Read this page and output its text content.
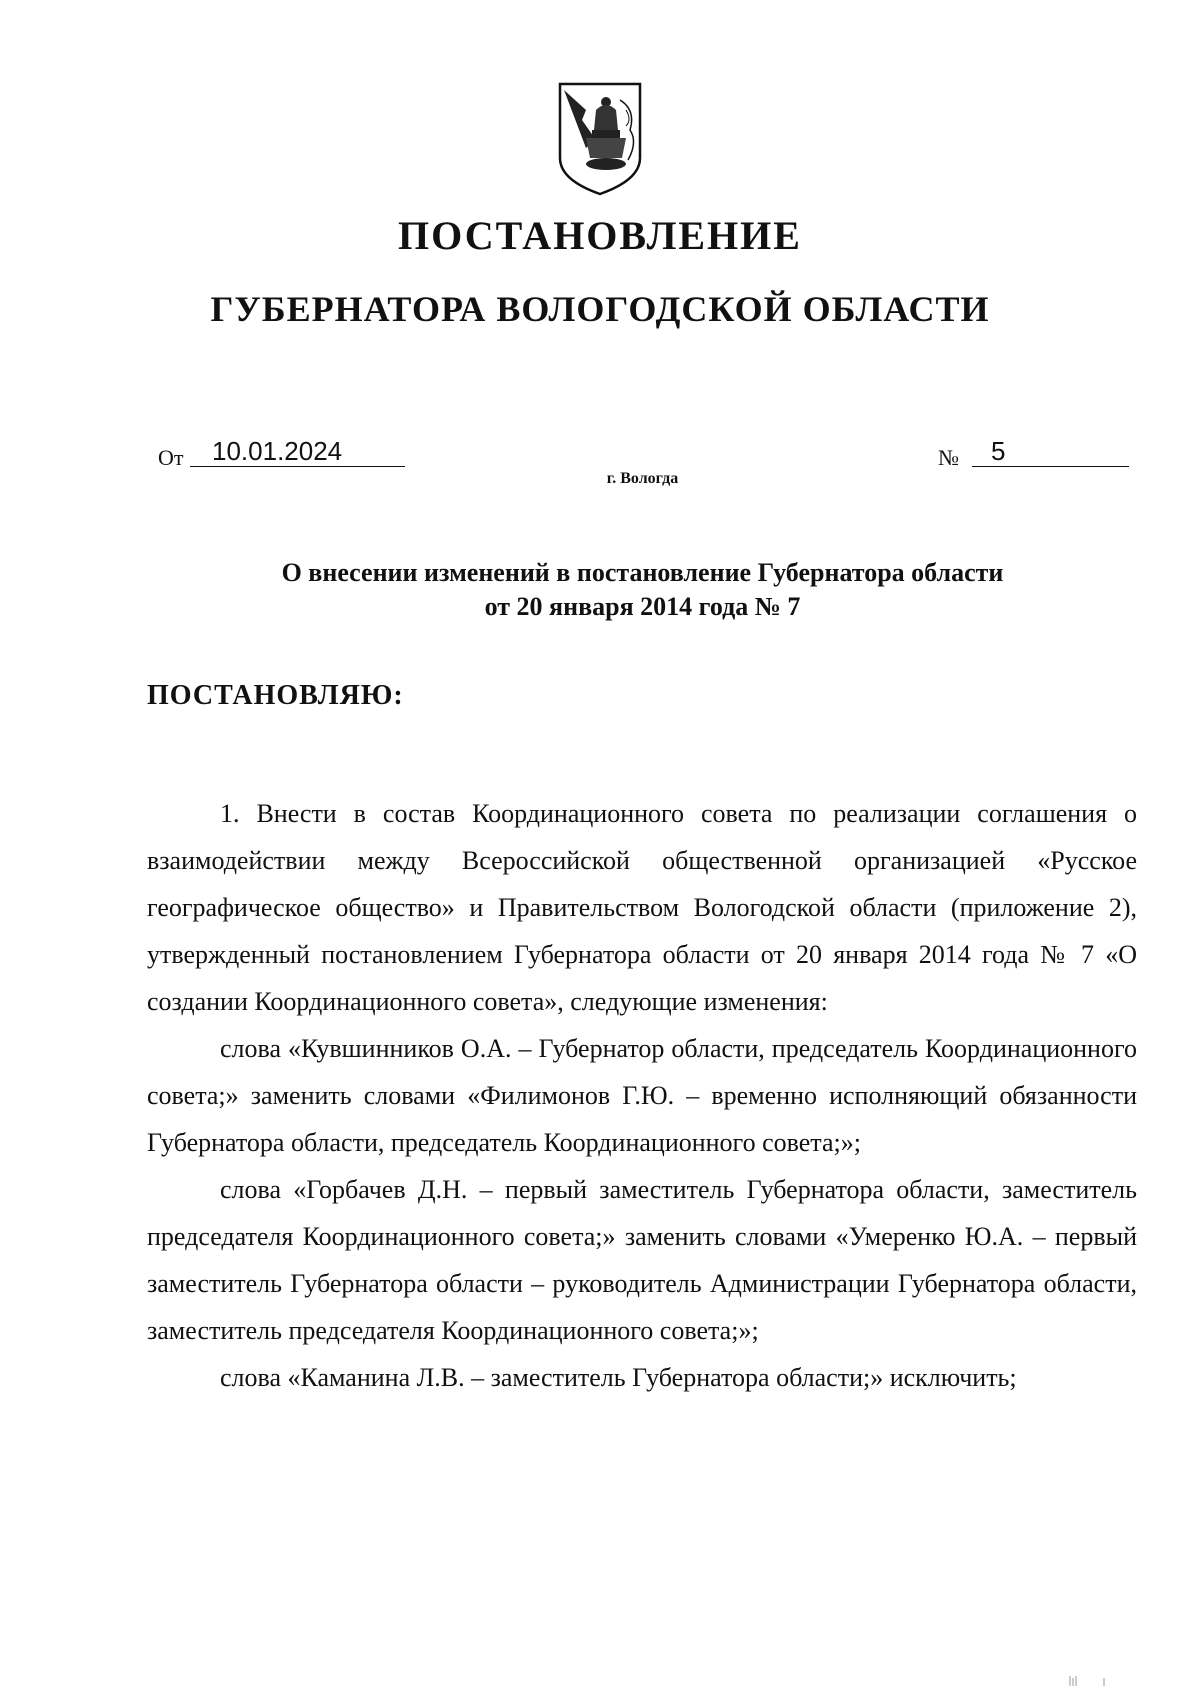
ПОСТАНОВЛЕНИЕ
ГУБЕРНАТОРА ВОЛОГОДСКОЙ ОБЛАСТИ
От 10.01.2024	№ 5
г. Вологда
О внесении изменений в постановление Губернатора области
от 20 января 2014 года № 7
ПОСТАНОВЛЯЮ:

1. Внести в состав Координационного совета по реализации соглашения о взаимодействии между Всероссийской общественной организацией «Русское географическое общество» и Правительством Вологодской области (приложение 2), утвержденный постановлением Губернатора области от 20 января 2014 года № 7 «О создании Координационного совета», следующие изменения:

слова «Кувшинников О.А. – Губернатор области, председатель Координационного совета;» заменить словами «Филимонов Г.Ю. – временно исполняющий обязанности Губернатора области, председатель Координационного совета;»;

слова «Горбачев Д.Н. – первый заместитель Губернатора области, заместитель председателя Координационного совета;» заменить словами «Умеренко Ю.А. – первый заместитель Губернатора области – руководитель Администрации Губернатора области, заместитель председателя Координационного совета;»;

слова «Каманина Л.В. – заместитель Губернатора области;» исключить;
